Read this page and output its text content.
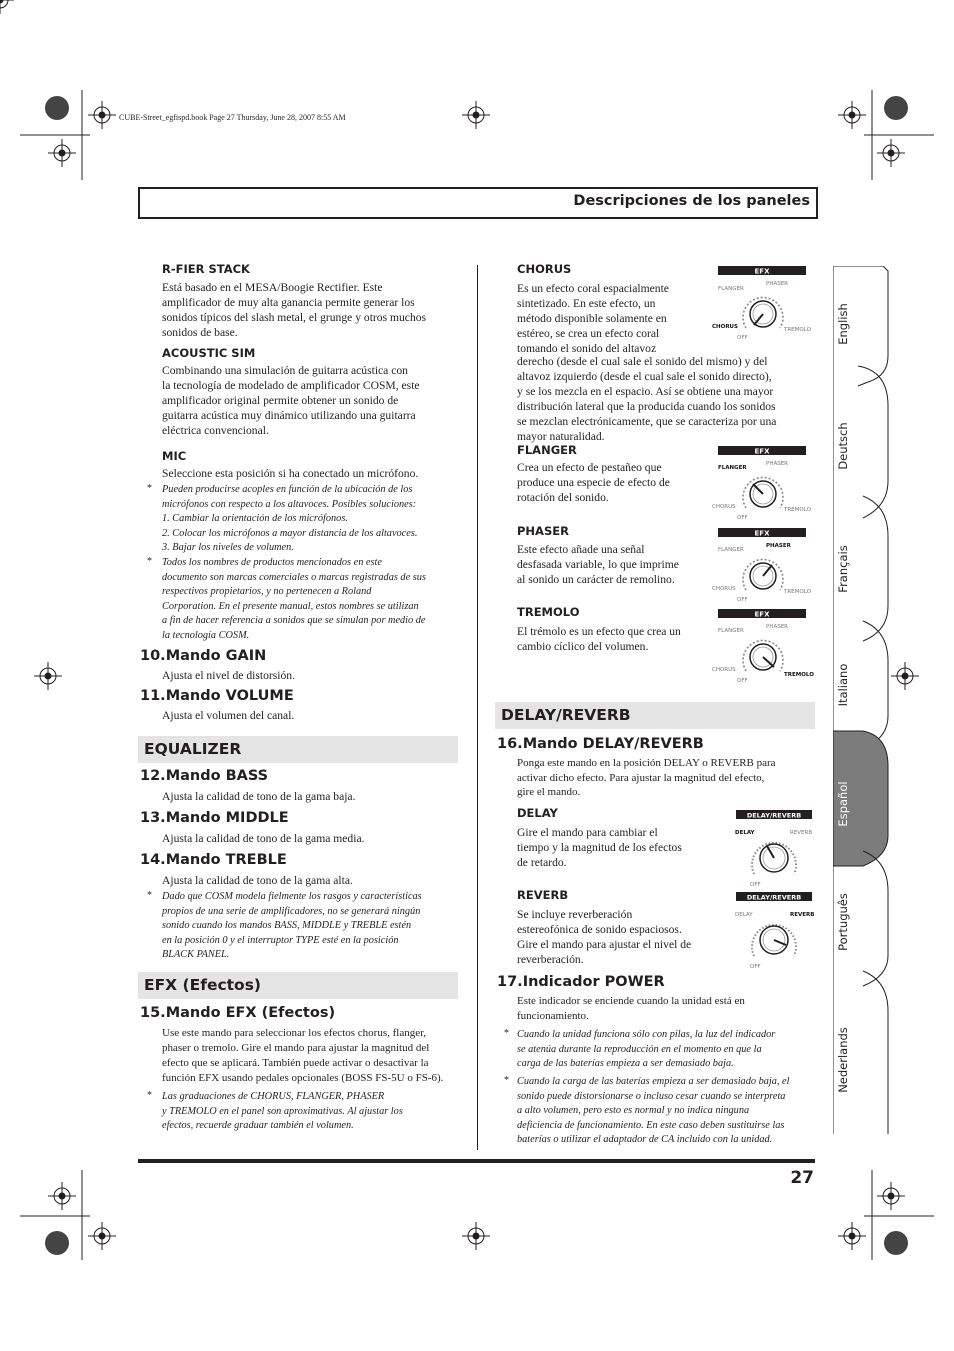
CUBE-Street_egfispd.book Page 27 Thursday, June 28, 2007 8:55 AM
Descripciones de los paneles
R-FIER STACK
Está basado en el MESA/Boogie Rectifier. Este
amplificador de muy alta ganancia permite generar los
sonidos típicos del slash metal, el grunge y otros muchos
sonidos de base.
ACOUSTIC SIM
Combinando una simulación de guitarra acústica con
la tecnología de modelado de amplificador COSM, este
amplificador original permite obtener un sonido de
guitarra acústica muy dinámico utilizando una guitarra
eléctrica convencional.
MIC
Seleccione esta posición si ha conectado un micrófono.
* Pueden producirse acoples en función de la ubicación de los
micrófonos con respecto a los altavoces. Posibles soluciones:
1. Cambiar la orientación de los micrófonos.
2. Colocar los micrófonos a mayor distancia de los altavoces.
3. Bajar los niveles de volumen.
* Todos los nombres de productos mencionados en este
documento son marcas comerciales o marcas registradas de sus
respectivos propietarios, y no pertenecen a Roland
Corporation. En el presente manual, estos nombres se utilizan
a fin de hacer referencia a sonidos que se simulan por medio de
la tecnología COSM.
10.Mando GAIN
Ajusta el nivel de distorsión.
11.Mando VOLUME
Ajusta el volumen del canal.
EQUALIZER
12.Mando BASS
Ajusta la calidad de tono de la gama baja.
13.Mando MIDDLE
Ajusta la calidad de tono de la gama media.
14.Mando TREBLE
Ajusta la calidad de tono de la gama alta.
* Dado que COSM modela fielmente los rasgos y características
propios de una serie de amplificadores, no se generará ningún
sonido cuando los mandos BASS, MIDDLE y TREBLE estén
en la posición 0 y el interruptor TYPE esté en la posición
BLACK PANEL.
EFX (Efectos)
15.Mando EFX (Efectos)
Use este mando para seleccionar los efectos chorus, flanger,
phaser o tremolo. Gire el mando para ajustar la magnitud del
efecto que se aplicará. También puede activar o desactivar la
función EFX usando pedales opcionales (BOSS FS-5U o FS-6).
* Las graduaciones de CHORUS, FLANGER, PHASER
y TREMOLO en el panel son aproximativas. Al ajustar los
efectos, recuerde graduar también el volumen.
CHORUS
Es un efecto coral espacialmente
sintetizado. En este efecto, un
método disponible solamente en
estéreo, se crea un efecto coral
tomando el sonido del altavoz
derecho (desde el cual sale el sonido del mismo) y del
altavoz izquierdo (desde el cual sale el sonido directo),
y se los mezcla en el espacio. Así se obtiene una mayor
distribución lateral que la producida cuando los sonidos
se mezclan electrónicamente, que se caracteriza por una
mayor naturalidad.
FLANGER
Crea un efecto de pestañeo que
produce una especie de efecto de
rotación del sonido.
PHASER
Este efecto añade una señal
desfasada variable, lo que imprime
al sonido un carácter de remolino.
TREMOLO
El trémolo es un efecto que crea un
cambio cíclico del volumen.
EFX
FLANGER
PHASER
CHORUS	TREMOLO
OFF
EFX
FLANGER
PHASER
CHORUS	TREMOLO
OFF
EFX
FLANGER
PHASER
CHORUS	TREMOLO
OFF
EFX
FLANGER
PHASER
CHORUS
TREMOLO
OFF
DELAY/REVERB
16.Mando DELAY/REVERB
Ponga este mando en la posición DELAY o REVERB para
activar dicho efecto. Para ajustar la magnitud del efecto,
gire el mando.
DELAY
Gire el mando para cambiar el
tiempo y la magnitud de los efectos
de retardo.
REVERB
Se incluye reverberación
estereofónica de sonido espaciosos.
Gire el mando para ajustar el nivel de
reverberación.
DELAY/REVERB
DELAY	REVERB
OFF
DELAY/REVERB
DELAY	REVERB
OFF
17.Indicador POWER
Este indicador se enciende cuando la unidad está en
funcionamiento.
* Cuando la unidad funciona sólo con pilas, la luz del indicador
se atenúa durante la reproducción en el momento en que la
carga de las baterías empieza a ser demasiado baja.
* Cuando la carga de las baterías empieza a ser demasiado baja, el
sonido puede distorsionarse o incluso cesar cuando se interpreta
a alto volumen, pero esto es normal y no indica ninguna
deficiencia de funcionamiento. En este caso deben sustituirse las
baterías o utilizar el adaptador de CA incluido con la unidad.
English
Deutsch
Français
Italiano
Español
Português
Nederlands
27
